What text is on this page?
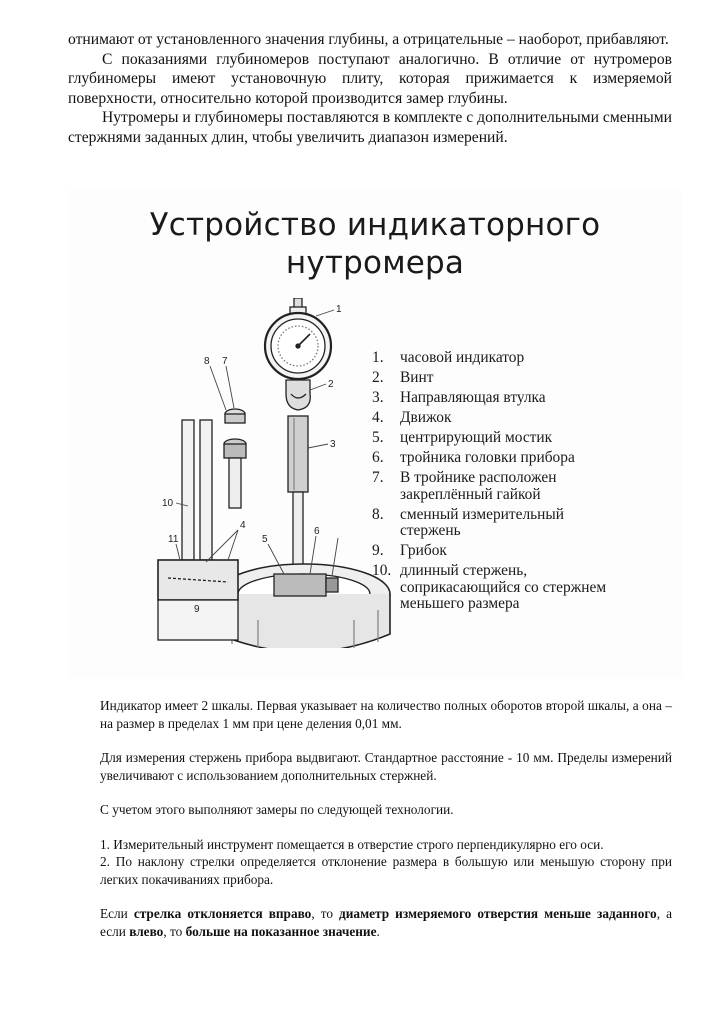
отнимают от установленного значения глубины, а отрицательные – наоборот, прибавляют.

С показаниями глубиномеров поступают аналогично. В отличие от нутромеров глубиномеры имеют установочную плиту, которая прижимается к измеряемой поверхности, относительно которой производится замер глубины.

Нутромеры и глубиномеры поставляются в комплекте с дополнительными сменными стержнями заданных длин, чтобы увеличить диапазон измерений.

Устройство индикаторного
нутромера
1
2
3
4
5
6
7
8
9
10
11
1.	часовой индикатор
2.	Винт
3.	Направляющая втулка
4.	Движок
5.	центрирующий мостик
6.	тройника головки прибора
7.	В тройнике расположен
закреплённый гайкой
8.	сменный измерительный
стержень
9.	Грибок
10. длинный стержень,
соприкасающийся со стержнем
меньшего размера

Индикатор имеет 2 шкалы. Первая указывает на количество полных оборотов второй шкалы, а она – на размер в пределах 1 мм при цене деления 0,01 мм.

Для измерения стержень прибора выдвигают. Стандартное расстояние - 10 мм. Пределы измерений увеличивают с использованием дополнительных стержней.

С учетом этого выполняют замеры по следующей технологии.

1. Измерительный инструмент помещается в отверстие строго перпендикулярно его оси.

2. По наклону стрелки определяется отклонение размера в большую или меньшую сторону при легких покачиваниях прибора.

Если стрелка отклоняется вправо, то диаметр измеряемого отверстия меньше заданного, а если влево, то больше на показанное значение.
